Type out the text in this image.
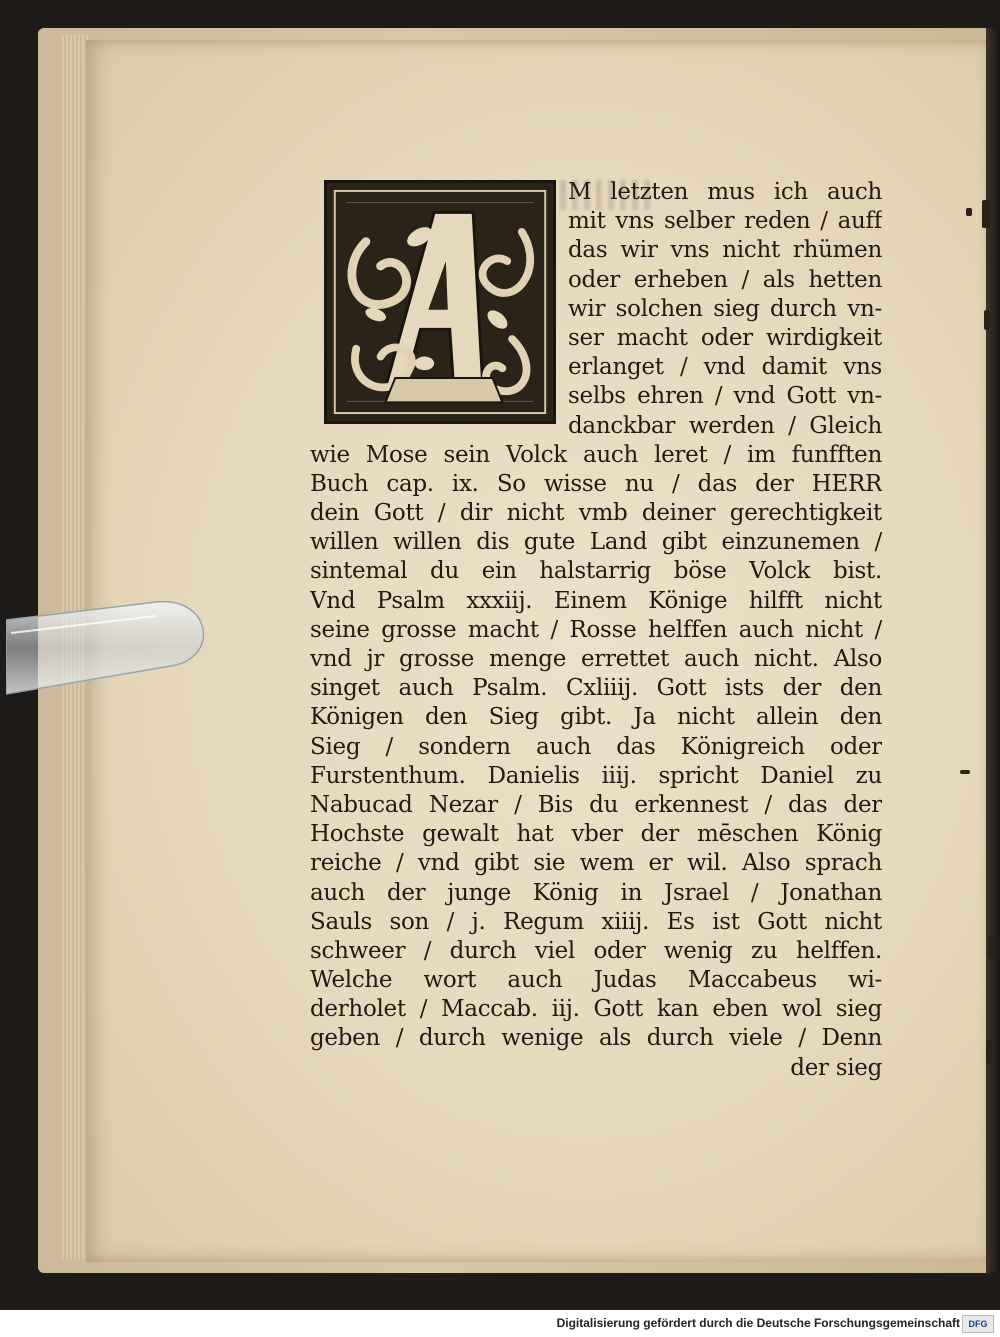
M letzten mus ich auch
mit vns selber reden / auff
das wir vns nicht rhümen
oder erheben / als hetten
wir solchen sieg durch vn-
ser macht oder wirdigkeit
erlanget / vnd damit vns
selbs ehren / vnd Gott vn-
danckbar werden / Gleich
wie Mose sein Volck auch leret / im funfften
Buch cap. ix. So wisse nu / das der HERR
dein Gott / dir nicht vmb deiner gerechtigkeit
willen willen dis gute Land gibt einzunemen /
sintemal du ein halstarrig böse Volck bist.
Vnd Psalm xxxiij. Einem Könige hilfft nicht
seine grosse macht / Rosse helffen auch nicht /
vnd jr grosse menge errettet auch nicht. Also
singet auch Psalm. Cxliiij. Gott ists der den
Königen den Sieg gibt. Ja nicht allein den
Sieg / sondern auch das Königreich oder
Furstenthum. Danielis iiij. spricht Daniel zu
Nabucad Nezar / Bis du erkennest / das der
Hochste gewalt hat vber der mēschen König
reiche / vnd gibt sie wem er wil. Also sprach
auch der junge König in Jsrael / Jonathan
Sauls son / j. Regum xiiij. Es ist Gott nicht
schweer / durch viel oder wenig zu helffen.
Welche wort auch Judas Maccabeus wi-
derholet / Maccab. iij. Gott kan eben wol sieg
geben / durch wenige als durch viele / Denn
der sieg
Digitalisierung gefördert durch die Deutsche Forschungsgemeinschaft DFG
